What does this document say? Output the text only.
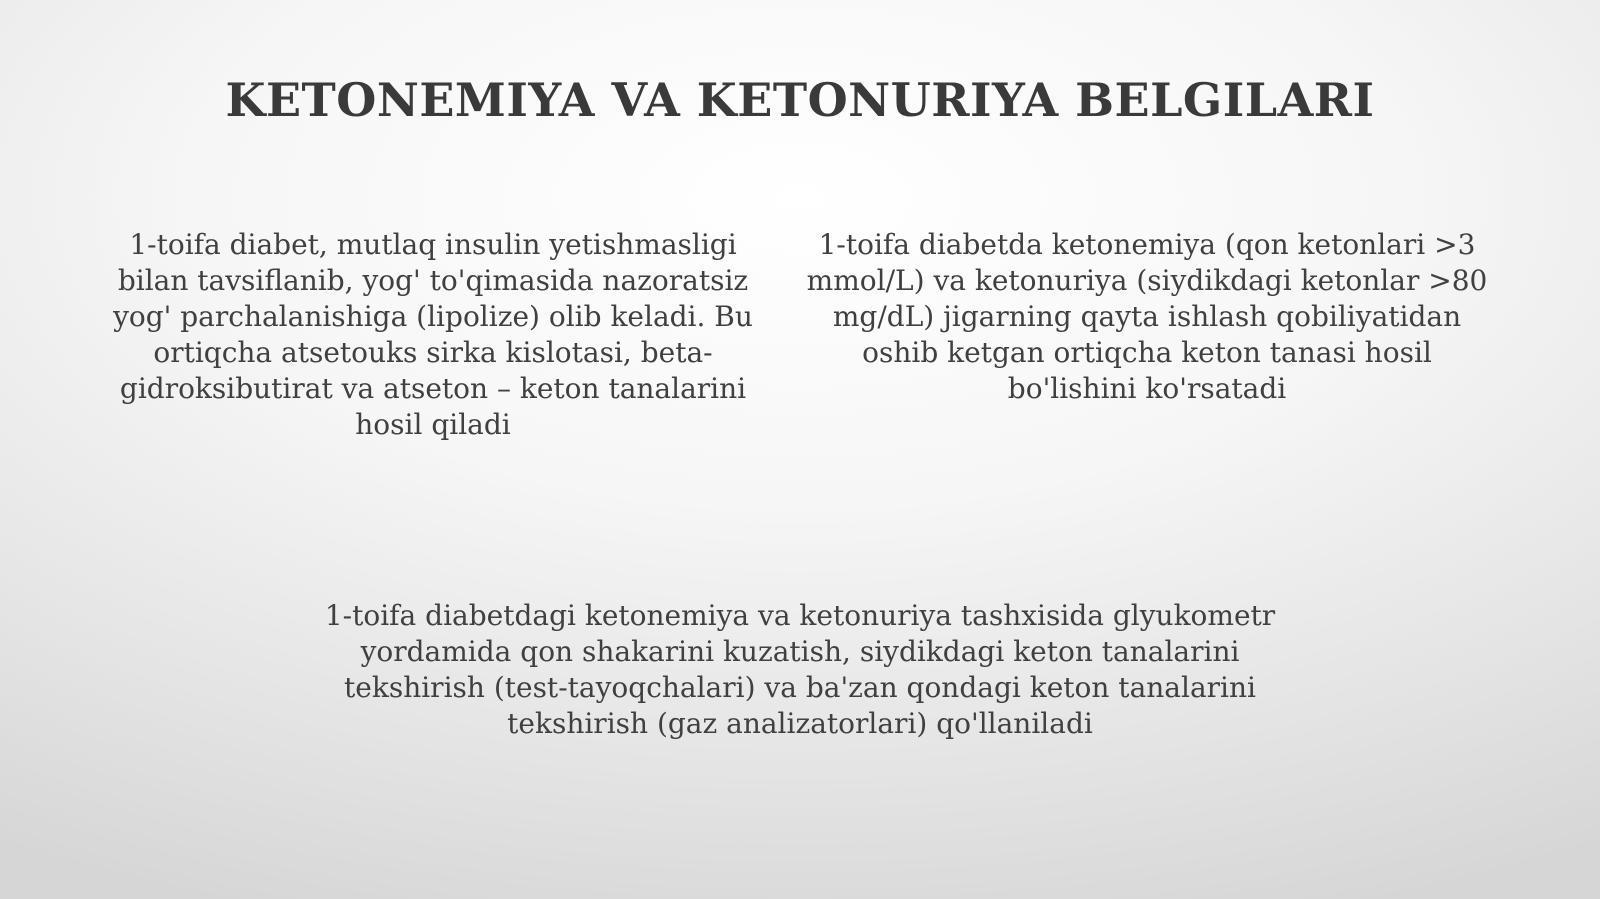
KETONEMIYA VA KETONURIYA BELGILARI

1-toifa diabet, mutlaq insulin yetishmasligi bilan tavsiflanib, yog' to'qimasida nazoratsiz yog' parchalanishiga (lipolize) olib keladi. Bu ortiqcha atsetouks sirka kislotasi, beta-gidroksibutirat va atseton – keton tanalarini hosil qiladi

1-toifa diabetda ketonemiya (qon ketonlari >3 mmol/L) va ketonuriya (siydikdagi ketonlar >80 mg/dL) jigarning qayta ishlash qobiliyatidan oshib ketgan ortiqcha keton tanasi hosil bo'lishini ko'rsatadi

1-toifa diabetdagi ketonemiya va ketonuriya tashxisida glyukometr yordamida qon shakarini kuzatish, siydikdagi keton tanalarini tekshirish (test-tayoqchalari) va ba'zan qondagi keton tanalarini tekshirish (gaz analizatorlari) qo'llaniladi
